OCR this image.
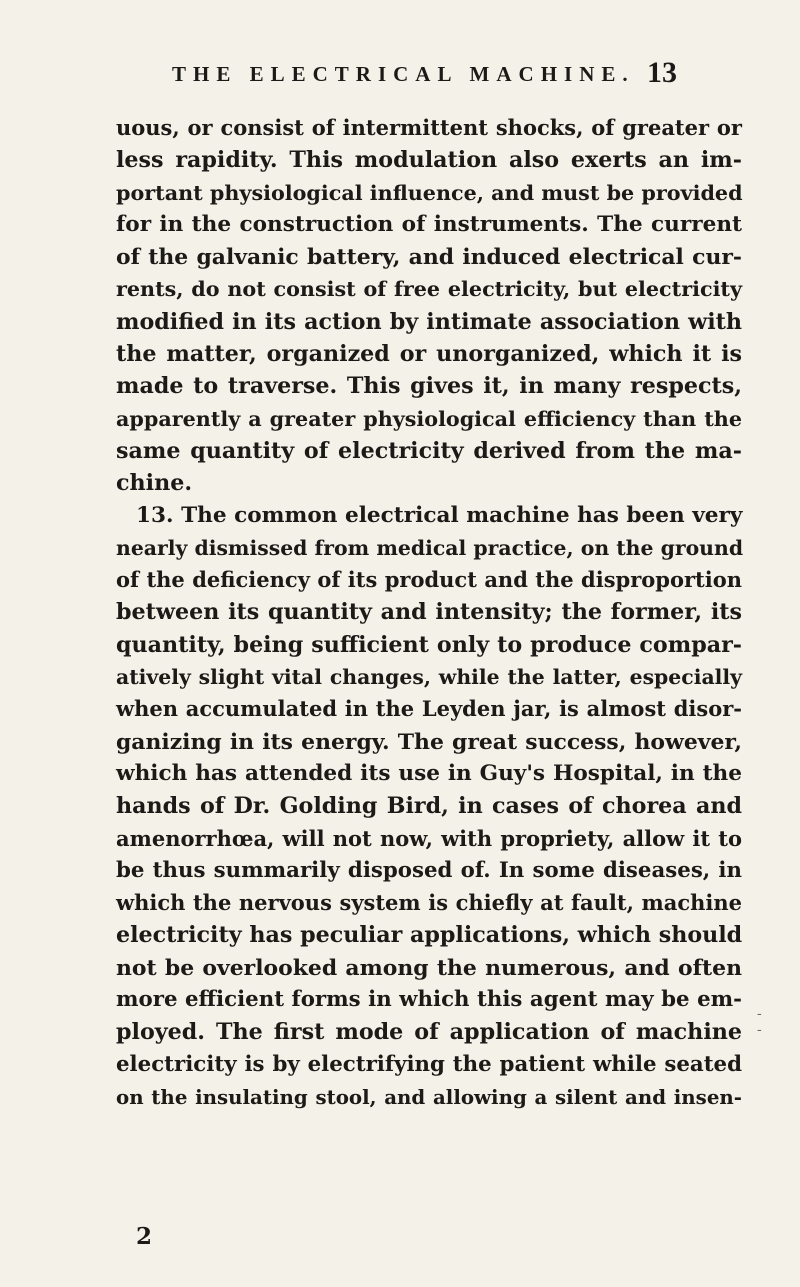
THE ELECTRICAL MACHINE. 13
uous, or consist of intermittent shocks, of greater or
less rapidity. This modulation also exerts an im-
portant physiological influence, and must be provided
for in the construction of instruments. The current
of the galvanic battery, and induced electrical cur-
rents, do not consist of free electricity, but electricity
modified in its action by intimate association with
the matter, organized or unorganized, which it is
made to traverse. This gives it, in many respects,
apparently a greater physiological efficiency than the
same quantity of electricity derived from the ma-
chine.
13. The common electrical machine has been very
nearly dismissed from medical practice, on the ground
of the deficiency of its product and the disproportion
between its quantity and intensity; the former, its
quantity, being sufficient only to produce compar-
atively slight vital changes, while the latter, especially
when accumulated in the Leyden jar, is almost disor-
ganizing in its energy. The great success, however,
which has attended its use in Guy's Hospital, in the
hands of Dr. Golding Bird, in cases of chorea and
amenorrhœa, will not now, with propriety, allow it to
be thus summarily disposed of. In some diseases, in
which the nervous system is chiefly at fault, machine
electricity has peculiar applications, which should
not be overlooked among the numerous, and often
more efficient forms in which this agent may be em-
ployed. The first mode of application of machine
electricity is by electrifying the patient while seated
on the insulating stool, and allowing a silent and insen-
- -
2
